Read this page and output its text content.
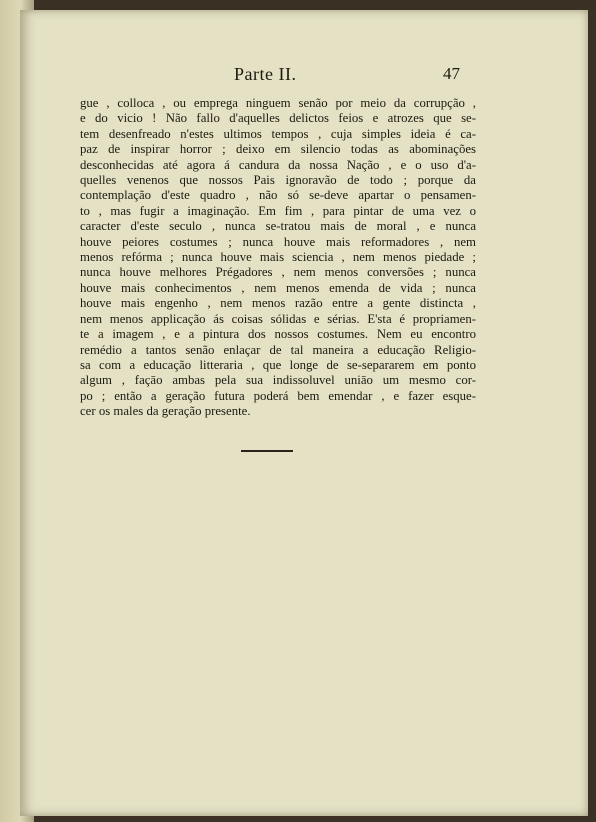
Parte II.	47
gue , colloca , ou emprega ninguem senão por meio da corrupção ,
e do vicio ! Não fallo d'aquelles delictos feios e atrozes que se-
tem desenfreado n'estes ultimos tempos , cuja simples ideia é ca-
paz de inspirar horror ; deixo em silencio todas as abominações
desconhecidas até agora á candura da nossa Nação , e o uso d'a-
quelles venenos que nossos Pais ignoravão de todo ; porque da
contemplação d'este quadro , não só se-deve apartar o pensamen-
to , mas fugir a imaginação. Em fim , para pintar de uma vez o
caracter d'este seculo , nunca se-tratou mais de moral , e nunca
houve peiores costumes ; nunca houve mais reformadores , nem
menos refórma ; nunca houve mais sciencia , nem menos piedade ;
nunca houve melhores Prégadores , nem menos conversões ; nunca
houve mais conhecimentos , nem menos emenda de vida ; nunca
houve mais engenho , nem menos razão entre a gente distincta ,
nem menos applicação ás coisas sólidas e sérias. E'sta é propriamen-
te a imagem , e a pintura dos nossos costumes. Nem eu encontro
remédio a tantos senão enlaçar de tal maneira a educação Religio-
sa com a educação litteraria , que longe de se-separarem em ponto
algum , façāo ambas pela sua indissoluvel uniāo um mesmo cor-
po ; então a geração futura poderá bem emendar , e fazer esque-
cer os males da geração presente.
